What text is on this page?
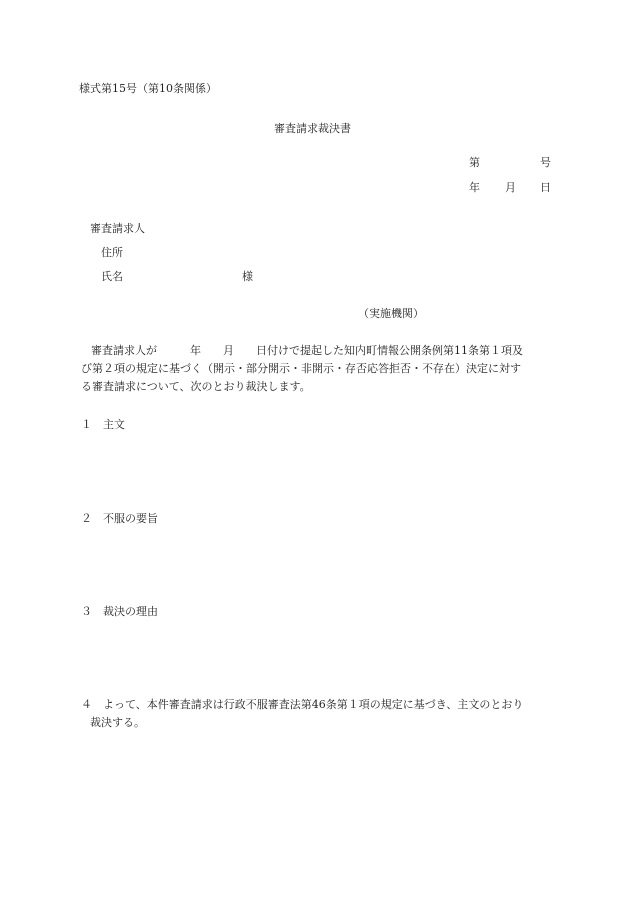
様式第15号（第10条関係）
審査請求裁決書
第	号
年 月 日
審査請求人
住所
氏名	様
（実施機関）
審査請求人が　　　年　　月　　日付けで提起した知内町情報公開条例第11条第１項及
び第２項の規定に基づく（開示・部分開示・非開示・存否応答拒否・不存在）決定に対す
る審査請求について、次のとおり裁決します。
１ 主文
２ 不服の要旨
３ 裁決の理由
４ よって、本件審査請求は行政不服審査法第46条第１項の規定に基づき、主文のとおり
裁決する。
